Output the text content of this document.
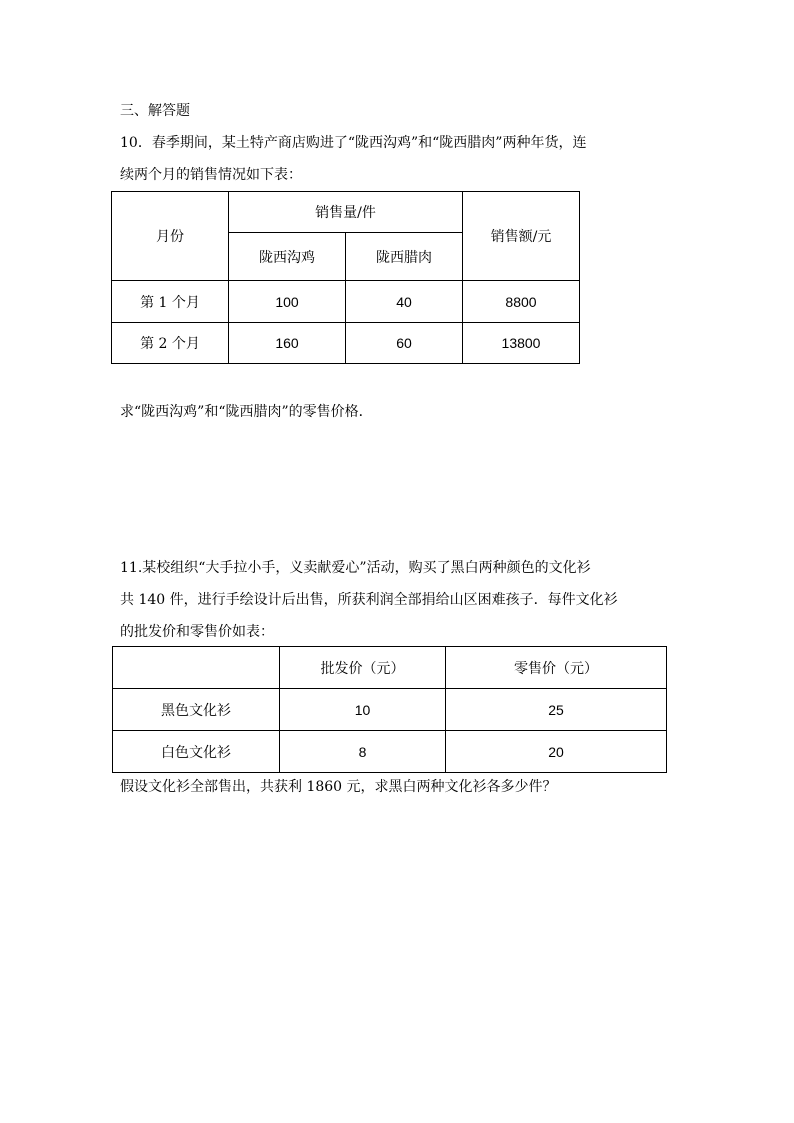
三、解答题
10．春季期间，某土特产商店购进了“陇西沟鸡”和“陇西腊肉”两种年货，连
续两个月的销售情况如下表：
月份	销售量/件		销售额/元
	陇西沟鸡	陇西腊肉	
第 1 个月	100	40	8800
第 2 个月	160	60	13800
求“陇西沟鸡”和“陇西腊肉”的零售价格．
11.某校组织“大手拉小手，义卖献爱心”活动，购买了黑白两种颜色的文化衫
共 140 件，进行手绘设计后出售，所获利润全部捐给山区困难孩子．每件文化衫
的批发价和零售价如表：
	批发价（元）	零售价（元）
黑色文化衫	10	25
白色文化衫	8	20
假设文化衫全部售出，共获利 1860 元，求黑白两种文化衫各多少件？
